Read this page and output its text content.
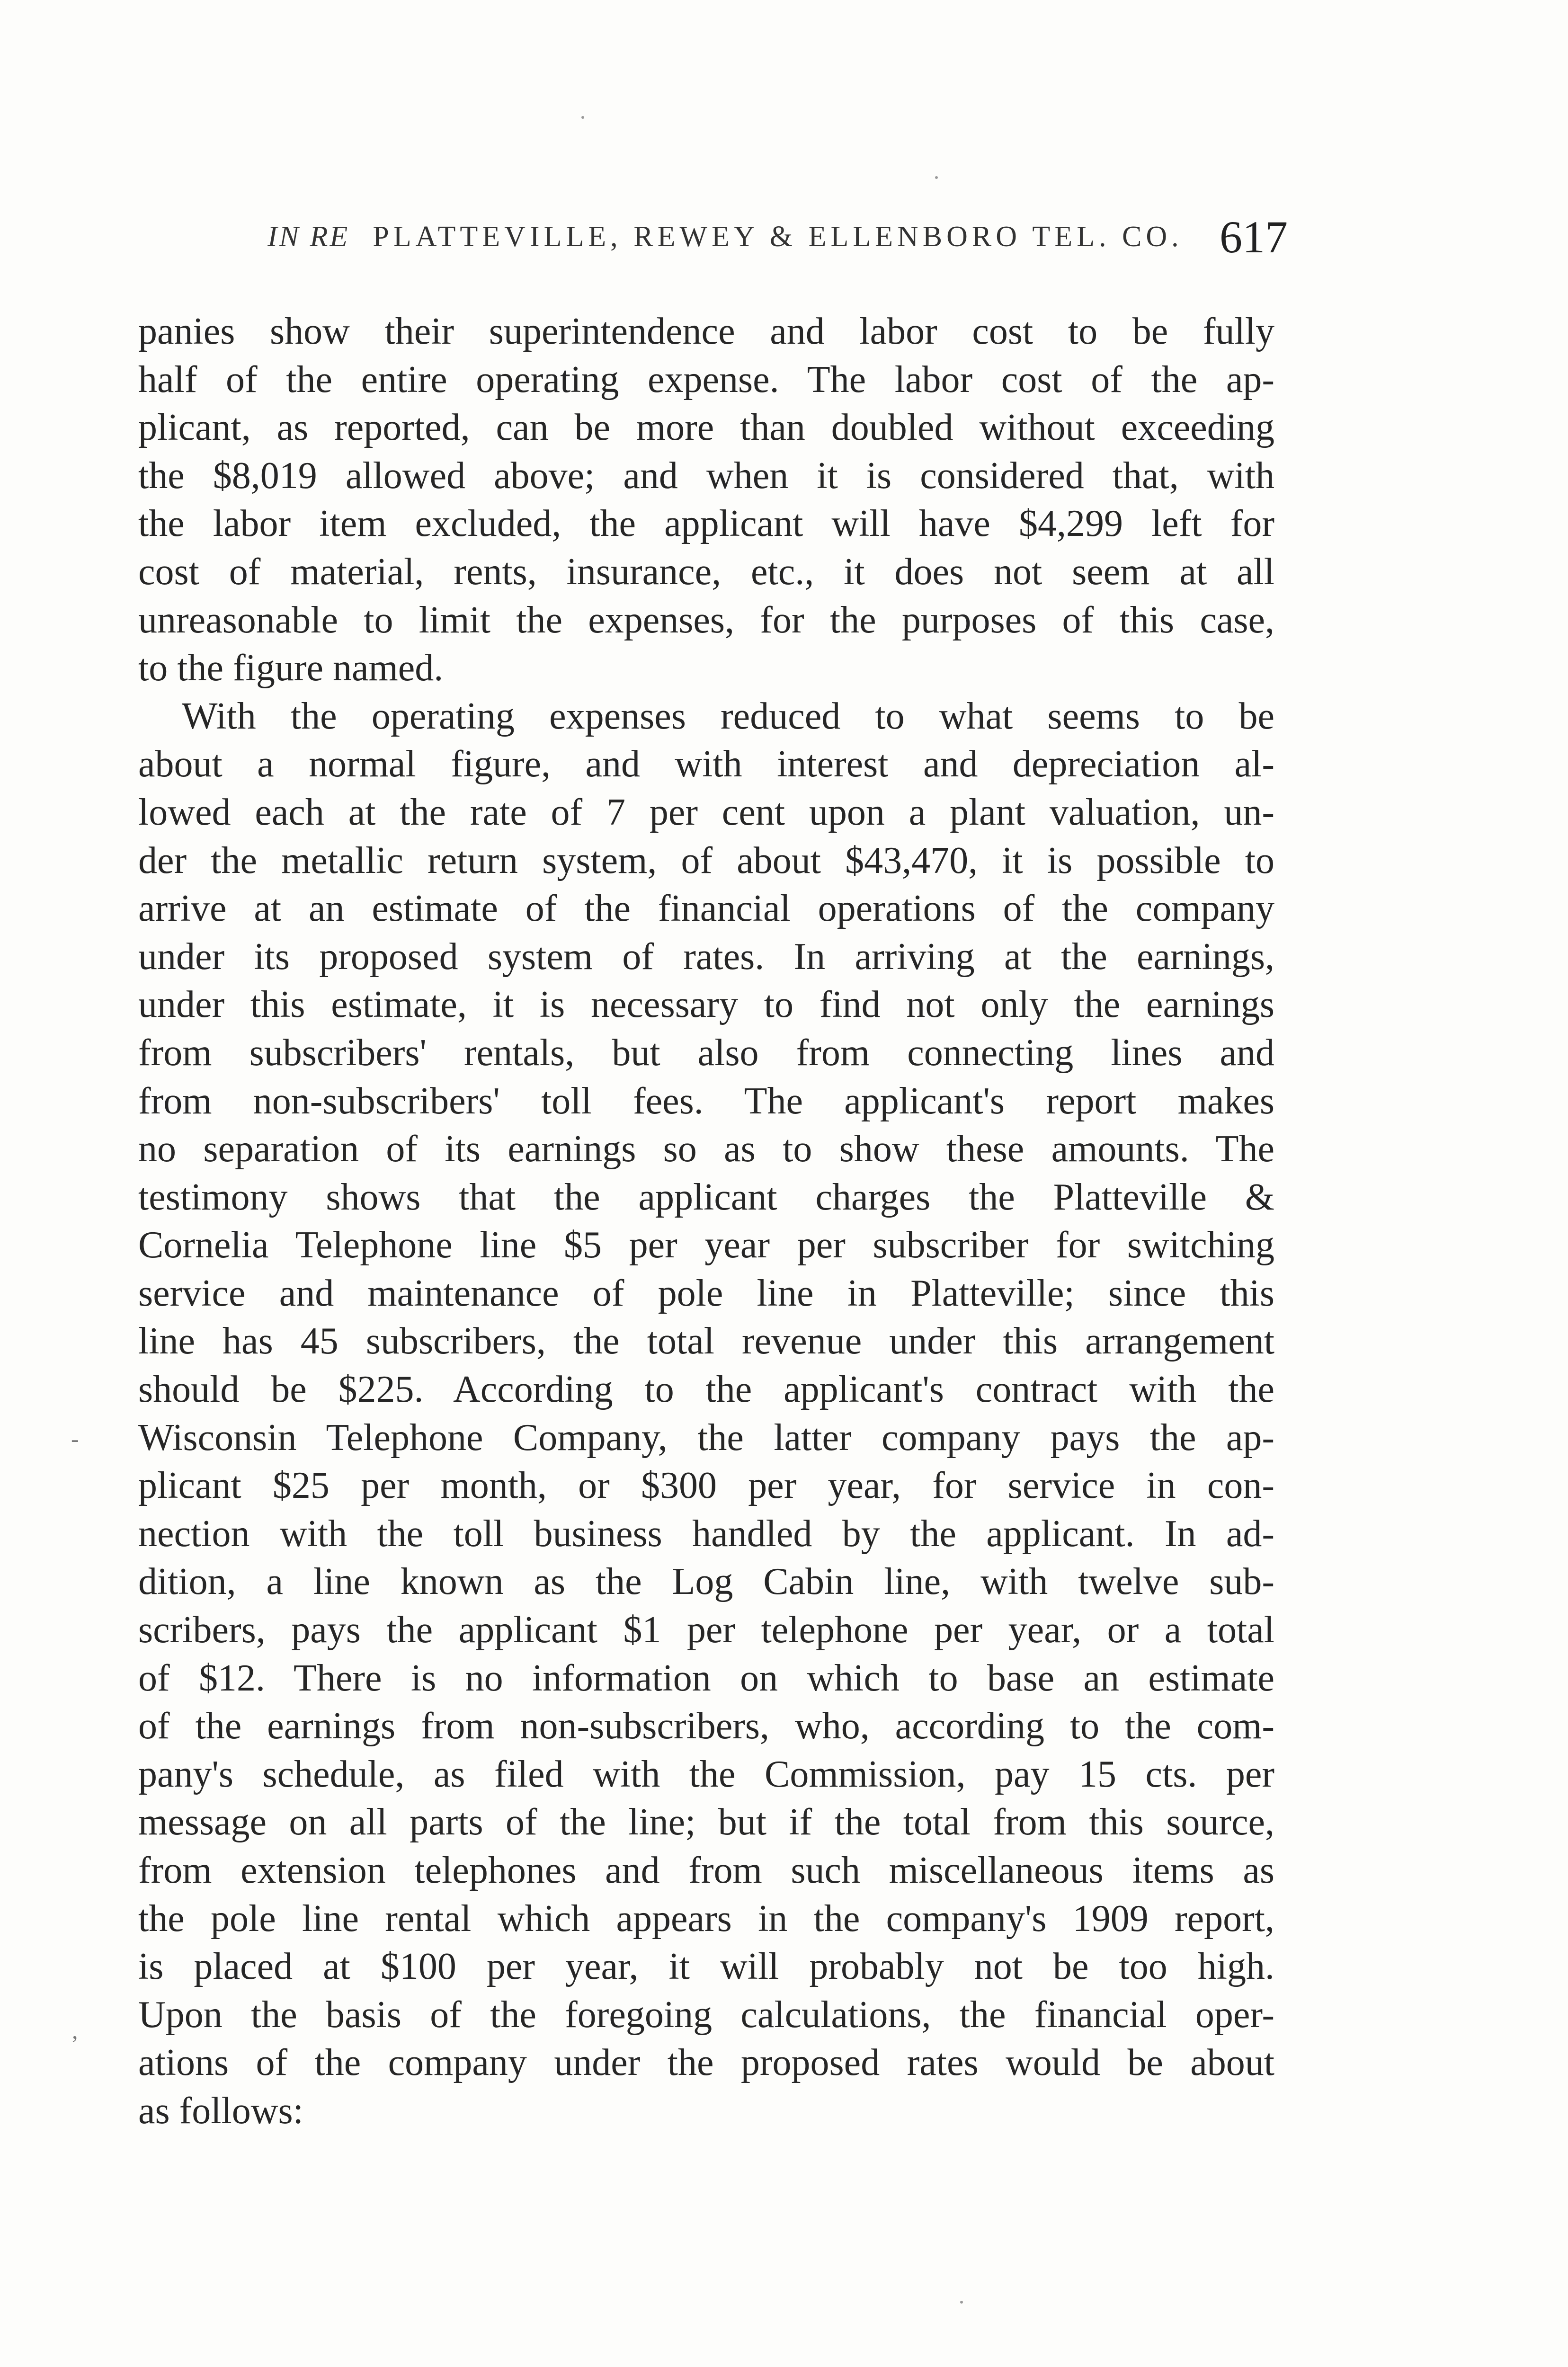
IN RE PLATTEVILLE, REWEY & ELLENBORO TEL. CO. 617
-
,
panies show their superintendence and labor cost to be fully
half of the entire operating expense. The labor cost of the ap-
plicant, as reported, can be more than doubled without exceeding
the $8,019 allowed above; and when it is considered that, with
the labor item excluded, the applicant will have $4,299 left for
cost of material, rents, insurance, etc., it does not seem at all
unreasonable to limit the expenses, for the purposes of this case,
to the figure named.
With the operating expenses reduced to what seems to be
about a normal figure, and with interest and depreciation al-
lowed each at the rate of 7 per cent upon a plant valuation, un-
der the metallic return system, of about $43,470, it is possible to
arrive at an estimate of the financial operations of the company
under its proposed system of rates. In arriving at the earnings,
under this estimate, it is necessary to find not only the earnings
from subscribers' rentals, but also from connecting lines and
from non-subscribers' toll fees. The applicant's report makes
no separation of its earnings so as to show these amounts. The
testimony shows that the applicant charges the Platteville &
Cornelia Telephone line $5 per year per subscriber for switching
service and maintenance of pole line in Platteville; since this
line has 45 subscribers, the total revenue under this arrangement
should be $225. According to the applicant's contract with the
Wisconsin Telephone Company, the latter company pays the ap-
plicant $25 per month, or $300 per year, for service in con-
nection with the toll business handled by the applicant. In ad-
dition, a line known as the Log Cabin line, with twelve sub-
scribers, pays the applicant $1 per telephone per year, or a total
of $12. There is no information on which to base an estimate
of the earnings from non-subscribers, who, according to the com-
pany's schedule, as filed with the Commission, pay 15 cts. per
message on all parts of the line; but if the total from this source,
from extension telephones and from such miscellaneous items as
the pole line rental which appears in the company's 1909 report,
is placed at $100 per year, it will probably not be too high.
Upon the basis of the foregoing calculations, the financial oper-
ations of the company under the proposed rates would be about
as follows:
